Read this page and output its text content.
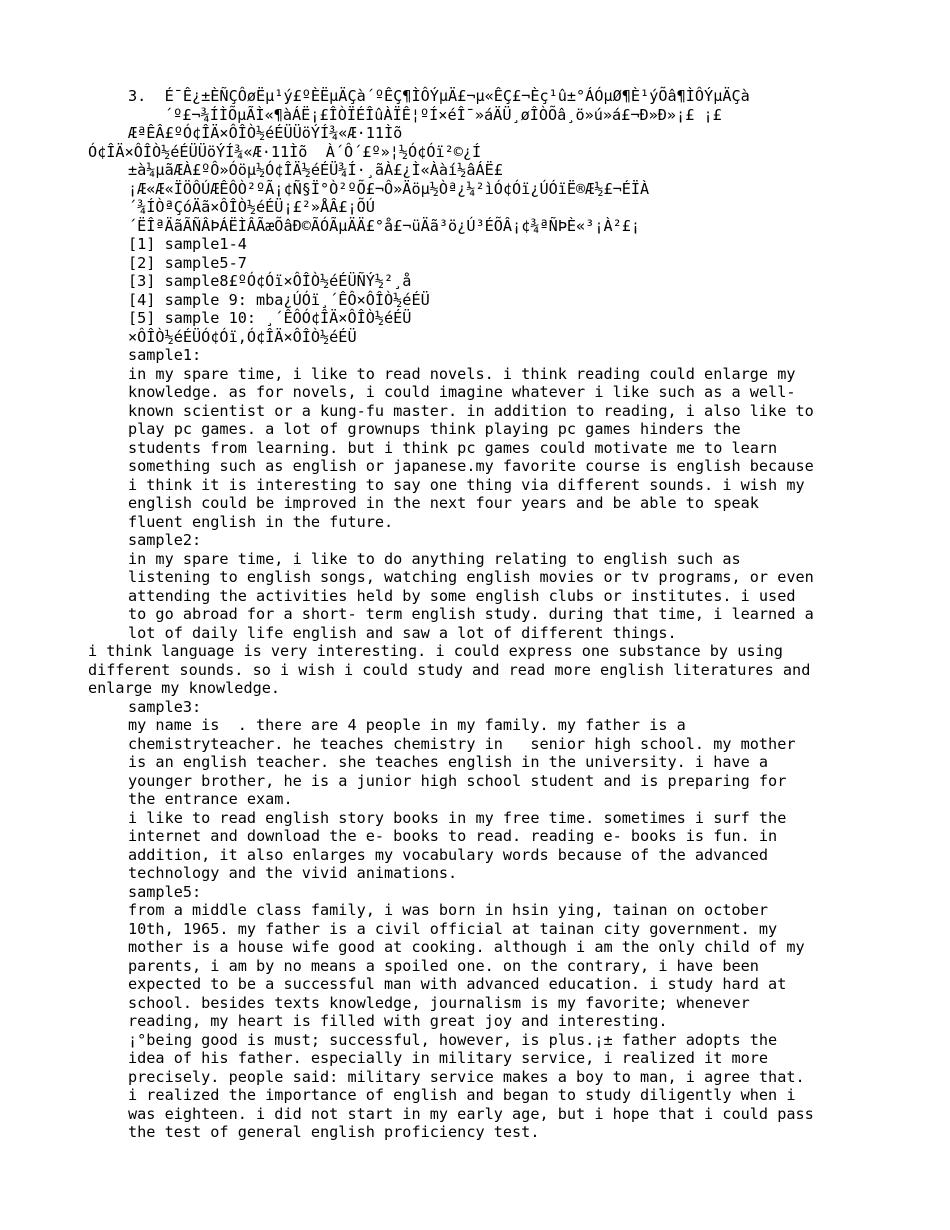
3.  É¯Ê¿±ÈÑÇÔøËµ¹ý£ºÈËµÄÇà´ºÊÇ¶ÌÔÝµÄ£¬µ«ÊÇ£¬Èç¹û±°ÁÓµØ¶È¹ýÕâ¶ÌÔÝµÄÇà
´º£¬¾ÍÌÕµÃÌ«¶àÁË¡£ÎÒÏÉÎûÀÏÊ¦ºÍ×éÎ¯»áÄÜ¸øÎÒÕâ¸ö»ú»á£¬Ð»Ð»¡£ ¡£
ÆªÊÂ£ºÓ¢ÎÄ×ÔÎÒ½éÉÜÜöÝÍ¾«Æ·11Ìõ
Ó¢ÎÄ×ÔÎÒ½éÉÜÜöÝÍ¾«Æ·11Ìõ  À´Ô´£º»¦½Ó¢Óï²©¿Í
±à¼µãÆÀ£ºÔ»Óöµ½Ó¢ÎÄ½éÉÜ¾Í·¸ãÀ£¿Ì«Ààí½âÁË£
¡Æ«Æ«ÏÖÔÚÆÊÔÒ²ºÃ¡¢Ñ§Ï°Ò²ºÕ£¬Ô»Äöµ½Òª¿¼²ìÓ¢Óï¿ÚÓïË®Æ½£¬ÉÏÀ
´¾ÍÒªÇóÄã×ÔÎÒ½éÉÜ¡£²»ÅÂ£¡ÕÚ
´ËÎªÄãÃÑÂÞÁËÌÂÃæÕâÐ©ÃÓÃµÄÄ£°å£¬üÄã³ö¿Ú³ÉÕÂ¡¢¾ªÑÞÈ«³¡À²£¡
[1] sample1-4
[2] sample5-7
[3] sample8£ºÓ¢Óï×ÔÎÒ½éÉÜÑÝ½²¸å
[4] sample 9: mba¿ÚÓï¸´ÊÔ×ÔÎÒ½éÉÜ
[5] sample 10: ¸´ÊÔÓ¢ÎÄ×ÔÎÒ½éÉÜ
×ÔÎÒ½éÉÜÓ¢Óï,Ó¢ÎÄ×ÔÎÒ½éÉÜ
sample1:
in my spare time, i like to read novels. i think reading could enlarge my
knowledge. as for novels, i could imagine whatever i like such as a well-
known scientist or a kung-fu master. in addition to reading, i also like to
play pc games. a lot of grownups think playing pc games hinders the
students from learning. but i think pc games could motivate me to learn
something such as english or japanese.my favorite course is english because
i think it is interesting to say one thing via different sounds. i wish my
english could be improved in the next four years and be able to speak
fluent english in the future.
sample2:
in my spare time, i like to do anything relating to english such as
listening to english songs, watching english movies or tv programs, or even
attending the activities held by some english clubs or institutes. i used
to go abroad for a short- term english study. during that time, i learned a
lot of daily life english and saw a lot of different things.
i think language is very interesting. i could express one substance by using
different sounds. so i wish i could study and read more english literatures and
enlarge my knowledge.
sample3:
my name is  . there are 4 people in my family. my father is a
chemistryteacher. he teaches chemistry in   senior high school. my mother
is an english teacher. she teaches english in the university. i have a
younger brother, he is a junior high school student and is preparing for
the entrance exam.
i like to read english story books in my free time. sometimes i surf the
internet and download the e- books to read. reading e- books is fun. in
addition, it also enlarges my vocabulary words because of the advanced
technology and the vivid animations.
sample5:
from a middle class family, i was born in hsin ying, tainan on october
10th, 1965. my father is a civil official at tainan city government. my
mother is a house wife good at cooking. although i am the only child of my
parents, i am by no means a spoiled one. on the contrary, i have been
expected to be a successful man with advanced education. i study hard at
school. besides texts knowledge, journalism is my favorite; whenever
reading, my heart is filled with great joy and interesting.
¡°being good is must; successful, however, is plus.¡± father adopts the
idea of his father. especially in military service, i realized it more
precisely. people said: military service makes a boy to man, i agree that.
i realized the importance of english and began to study diligently when i
was eighteen. i did not start in my early age, but i hope that i could pass
the test of general english proficiency test.
